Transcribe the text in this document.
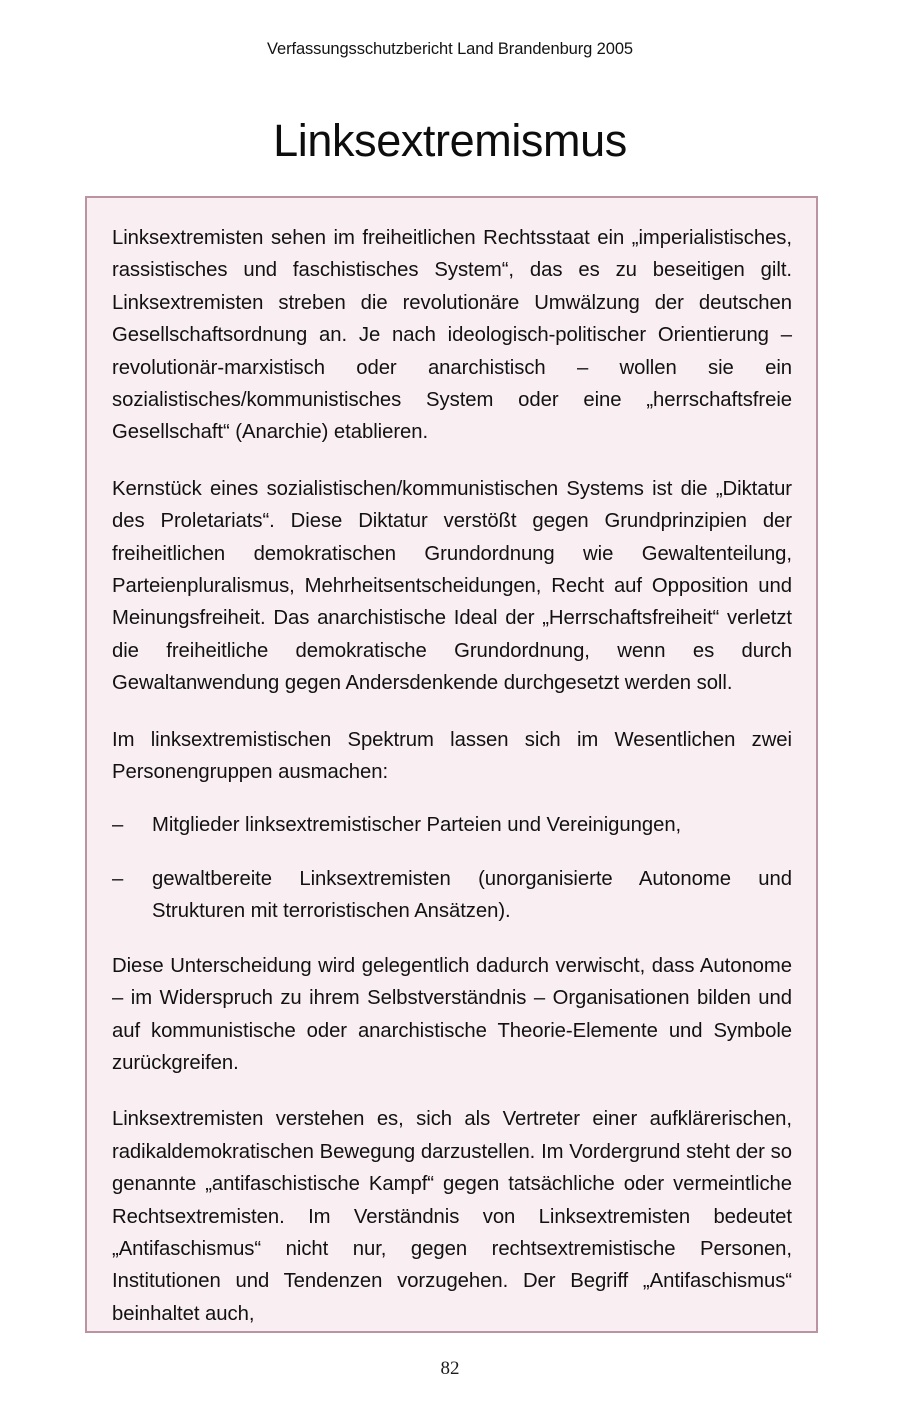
Verfassungsschutzbericht Land Brandenburg 2005
Linksextremismus

Linksextremisten sehen im freiheitlichen Rechtsstaat ein „imperialistisches, rassistisches und faschistisches System“, das es zu beseitigen gilt. Linksextremisten streben die revolutionäre Umwälzung der deutschen Gesellschaftsordnung an. Je nach ideologisch-politischer Orientierung – revolutionär-marxistisch oder anarchistisch – wollen sie ein sozialistisches/kommunistisches System oder eine „herrschaftsfreie Gesellschaft“ (Anarchie) etablieren.

Kernstück eines sozialistischen/kommunistischen Systems ist die „Diktatur des Proletariats“. Diese Diktatur verstößt gegen Grundprinzipien der freiheitlichen demokratischen Grundordnung wie Gewaltenteilung, Parteienpluralismus, Mehrheitsentscheidungen, Recht auf Opposition und Meinungsfreiheit. Das anarchistische Ideal der „Herrschaftsfreiheit“ verletzt die freiheitliche demokratische Grundordnung, wenn es durch Gewaltanwendung gegen Andersdenkende durchgesetzt werden soll.

Im linksextremistischen Spektrum lassen sich im Wesentlichen zwei Personengruppen ausmachen:

– Mitglieder linksextremistischer Parteien und Vereinigungen,
– gewaltbereite Linksextremisten (unorganisierte Autonome und Strukturen mit terroristischen Ansätzen).

Diese Unterscheidung wird gelegentlich dadurch verwischt, dass Autonome – im Widerspruch zu ihrem Selbstverständnis – Organisationen bilden und auf kommunistische oder anarchistische Theorie-Elemente und Symbole zurückgreifen.

Linksextremisten verstehen es, sich als Vertreter einer aufklärerischen, radikaldemokratischen Bewegung darzustellen. Im Vordergrund steht der so genannte „antifaschistische Kampf“ gegen tatsächliche oder vermeintliche Rechtsextremisten. Im Verständnis von Linksextremisten bedeutet „Antifaschismus“ nicht nur, gegen rechtsextremistische Personen, Institutionen und Tendenzen vorzugehen. Der Begriff „Antifaschismus“ beinhaltet auch,

82
